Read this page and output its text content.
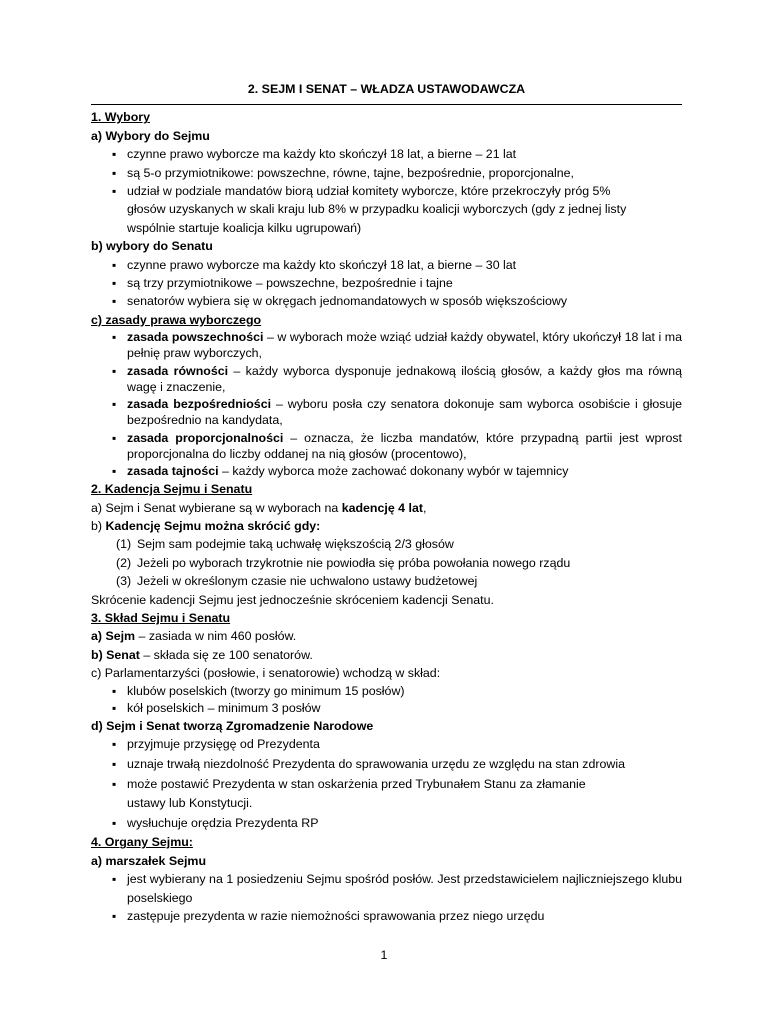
2. SEJM I SENAT – WŁADZA USTAWODAWCZA
1. Wybory
a) Wybory do Sejmu
▪ czynne prawo wyborcze ma każdy kto skończył 18 lat, a bierne – 21 lat
▪ są 5-o przymiotnikowe: powszechne, równe, tajne, bezpośrednie, proporcjonalne,
▪ udział w podziale mandatów biorą udział komitety wyborcze, które przekroczyły próg 5% głosów uzyskanych w skali kraju lub 8% w przypadku koalicji wyborczych (gdy z jednej listy wspólnie startuje koalicja kilku ugrupowań)
b) wybory do Senatu
▪ czynne prawo wyborcze ma każdy kto skończył 18 lat, a bierne – 30 lat
▪ są trzy przymiotnikowe – powszechne, bezpośrednie i tajne
▪ senatorów wybiera się w okręgach jednomandatowych w sposób większościowy
c) zasady prawa wyborczego
▪ zasada powszechności – w wyborach może wziąć udział każdy obywatel, który ukończył 18 lat i ma pełnię praw wyborczych,
▪ zasada równości – każdy wyborca dysponuje jednakową ilością głosów, a każdy głos ma równą wagę i znaczenie,
▪ zasada bezpośredniości – wyboru posła czy senatora dokonuje sam wyborca osobiście i głosuje bezpośrednio na kandydata,
▪ zasada proporcjonalności – oznacza, że liczba mandatów, które przypadną partii jest wprost proporcjonalna do liczby oddanej na nią głosów (procentowo),
▪ zasada tajności – każdy wyborca może zachować dokonany wybór w tajemnicy
2. Kadencja Sejmu i Senatu
a) Sejm i Senat wybierane są w wyborach na kadencję 4 lat,
b) Kadencję Sejmu można skrócić gdy:
(1) Sejm sam podejmie taką uchwałę większością 2/3 głosów
(2) Jeżeli po wyborach trzykrotnie nie powiodła się próba powołania nowego rządu
(3) Jeżeli w określonym czasie nie uchwalono ustawy budżetowej
Skrócenie kadencji Sejmu jest jednocześnie skróceniem kadencji Senatu.
3. Skład Sejmu i Senatu
a) Sejm – zasiada w nim 460 posłów.
b) Senat – składa się ze 100 senatorów.
c) Parlamentarzyści (posłowie, i senatorowie) wchodzą w skład:
▪ klubów poselskich (tworzy go minimum 15 posłów)
▪ kół poselskich – minimum 3 posłów
d) Sejm i Senat tworzą Zgromadzenie Narodowe
▪ przyjmuje przysięgę od Prezydenta
▪ uznaje trwałą niezdolność Prezydenta do sprawowania urzędu ze względu na stan zdrowia
▪ może postawić Prezydenta w stan oskarżenia przed Trybunałem Stanu za złamanie ustawy lub Konstytucji.
▪ wysłuchuje orędzia Prezydenta RP
4. Organy Sejmu:
a) marszałek Sejmu
▪ jest wybierany na 1 posiedzeniu Sejmu spośród posłów. Jest przedstawicielem najliczniejszego klubu poselskiego
▪ zastępuje prezydenta w razie niemożności sprawowania przez niego urzędu
1
